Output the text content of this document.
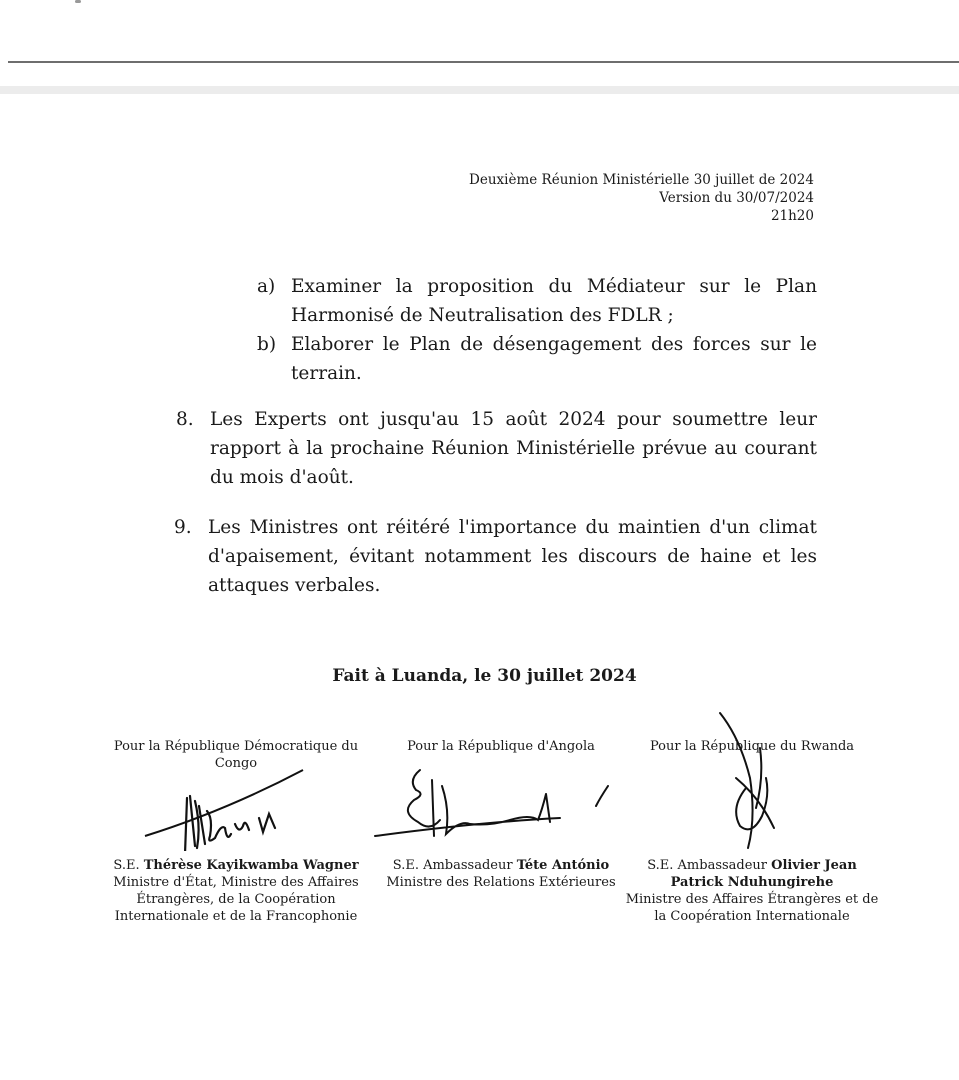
Deuxième Réunion Ministérielle 30 juillet de 2024
Version du 30/07/2024
21h20
a) Examiner la proposition du Médiateur sur le Plan Harmonisé de Neutralisation des FDLR ;
b) Elaborer le Plan de désengagement des forces sur le terrain.
8. Les Experts ont jusqu'au 15 août 2024 pour soumettre leur rapport à la prochaine Réunion Ministérielle prévue au courant du mois d'août.
9. Les Ministres ont réitéré l'importance du maintien d'un climat d'apaisement, évitant notamment les discours de haine et les attaques verbales.
Fait à Luanda, le 30 juillet 2024
Pour la République Démocratique du Congo
S.E. Thérèse Kayikwamba Wagner
Ministre d'État, Ministre des Affaires Étrangères, de la Coopération Internationale et de la Francophonie
Pour la République d'Angola
S.E. Ambassadeur Téte António
Ministre des Relations Extérieures
Pour la République du Rwanda
S.E. Ambassadeur Olivier Jean Patrick Nduhungirehe
Ministre des Affaires Étrangères et de la Coopération Internationale
